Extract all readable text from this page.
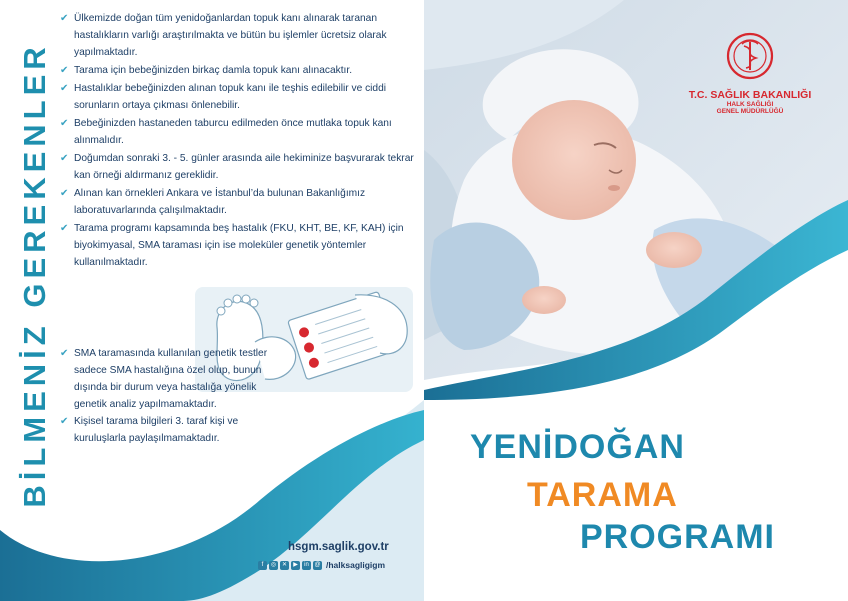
BİLMENİZ GEREKENLER
✔ Ülkemizde doğan tüm yenidoğanlardan topuk kanı alınarak taranan hastalıkların varlığı araştırılmakta ve bütün bu işlemler ücretsiz olarak yapılmaktadır.
✔ Tarama için bebeğinizden birkaç damla topuk kanı alınacaktır.
✔ Hastalıklar bebeğinizden alınan topuk kanı ile teşhis edilebilir ve ciddi sorunların ortaya çıkması önlenebilir.
✔ Bebeğinizden hastaneden taburcu edilmeden önce mutlaka topuk kanı alınmalıdır.
✔ Doğumdan sonraki 3. - 5. günler arasında aile hekiminize başvurarak tekrar kan örneği aldırmanız gereklidir.
✔ Alınan kan örnekleri Ankara ve İstanbul’da bulunan Bakanlığımız laboratuvarlarında çalışılmaktadır.
✔ Tarama programı kapsamında beş hastalık (FKU, KHT, BE, KF, KAH) için biyokimyasal, SMA taraması için ise moleküler genetik yöntemler kullanılmaktadır.
✔ SMA taramasında kullanılan genetik testler sadece SMA hastalığına özel olup, bunun dışında bir durum veya hastalığa yönelik genetik analiz yapılmamaktadır.
✔ Kişisel tarama bilgileri 3. taraf kişi ve kuruluşlarla paylaşılmamaktadır.
hsgm.saglik.gov.tr
f	◎ ✕	▶	in @ /halksagligigm
T.C. SAĞLIK BAKANLIĞI
HALK SAĞLIĞI
GENEL MÜDÜRLÜĞÜ
YENİDOĞAN
TARAMA
PROGRAMI
